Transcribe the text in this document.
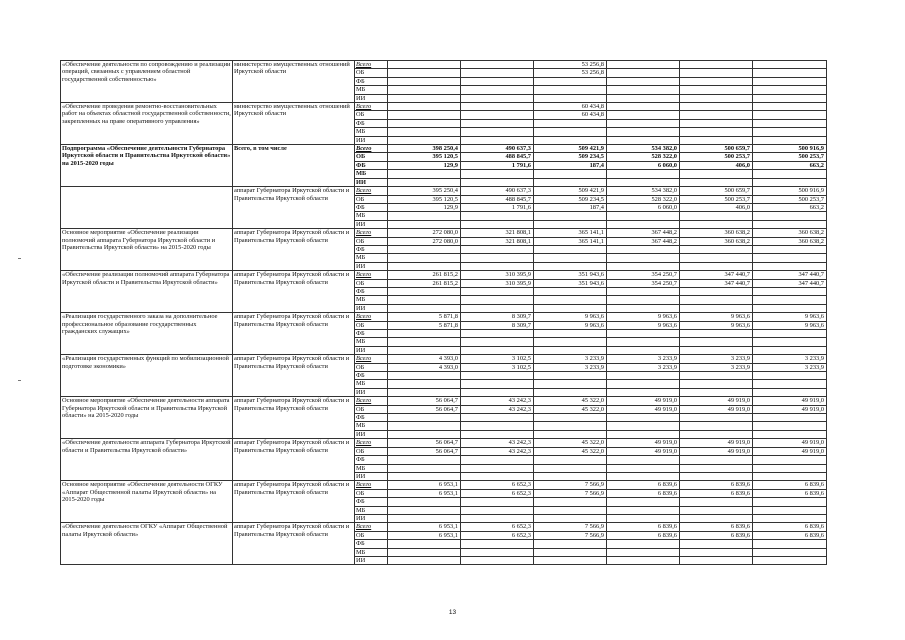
«Обеспечение деятельности по сопровождению и реализации операций, связанных с управлением областной государственной собственностью»	министерство имущественных отношений Иркутской области	Всего			53 256,8			
		ОБ			53 256,8			
		ФБ						
		МБ						
		ИИ						
«Обеспечение проведения ремонтно-восстановительных работ на объектах областной государственной собственности, закрепленных на праве оперативного управления»	министерство имущественных отношений Иркутской области	Всего			60 434,8			
		ОБ			60 434,8			
		ФБ						
		МБ						
		ИИ						
Подпрограмма «Обеспечение деятельности Губернатора Иркутской области и Правительства Иркутской области» на 2015-2020 годы	Всего, в том числе	Всего	398 250,4	490 637,3	509 421,9	534 382,0	500 659,7	500 916,9
		ОБ	395 120,5	488 845,7	509 234,5	528 322,0	500 253,7	500 253,7
		ФБ	129,9	1 791,6	187,4	6 060,0	406,0	663,2
		МБ						
		ИИ						
	аппарат Губернатора Иркутской области и Правительства Иркутской области	Всего	395 250,4	490 637,3	509 421,9	534 382,0	500 659,7	500 916,9
		ОБ	395 120,5	488 845,7	509 234,5	528 322,0	500 253,7	500 253,7
		ФБ	129,9	1 791,6	187,4	6 060,0	406,0	663,2
		МБ						
		ИИ						
Основное мероприятие «Обеспечение реализации полномочий аппарата Губернатора Иркутской области и Правительства Иркутской области» на 2015-2020 годы	аппарат Губернатора Иркутской области и Правительства Иркутской области	Всего	272 080,0	321 808,1	365 141,1	367 448,2	360 638,2	360 638,2
		ОБ	272 080,0	321 808,1	365 141,1	367 448,2	360 638,2	360 638,2
		ФБ						
		МБ						
		ИИ						
«Обеспечение реализации полномочий аппарата Губернатора Иркутской области и Правительства Иркутской области»	аппарат Губернатора Иркутской области и Правительства Иркутской области	Всего	261 815,2	310 395,9	351 943,6	354 250,7	347 440,7	347 440,7
		ОБ	261 815,2	310 395,9	351 943,6	354 250,7	347 440,7	347 440,7
		ФБ						
		МБ						
		ИИ						
«Реализация государственного заказа на дополнительное профессиональное образование государственных гражданских служащих»	аппарат Губернатора Иркутской области и Правительства Иркутской области	Всего	5 871,8	8 309,7	9 963,6	9 963,6	9 963,6	9 963,6
		ОБ	5 871,8	8 309,7	9 963,6	9 963,6	9 963,6	9 963,6
		ФБ						
		МБ						
		ИИ						
«Реализация государственных функций по мобилизационной подготовке экономики»	аппарат Губернатора Иркутской области и Правительства Иркутской области	Всего	4 393,0	3 102,5	3 233,9	3 233,9	3 233,9	3 233,9
		ОБ	4 393,0	3 102,5	3 233,9	3 233,9	3 233,9	3 233,9
		ФБ						
		МБ						
		ИИ						
Основное мероприятие «Обеспечение деятельности аппарата Губернатора Иркутской области и Правительства Иркутской области» на 2015-2020 годы	аппарат Губернатора Иркутской области и Правительства Иркутской области	Всего	56 064,7	43 242,3	45 322,0	49 919,0	49 919,0	49 919,0
		ОБ	56 064,7	43 242,3	45 322,0	49 919,0	49 919,0	49 919,0
		ФБ						
		МБ						
		ИИ						
«Обеспечение деятельности аппарата Губернатора Иркутской области и Правительства Иркутской области»	аппарат Губернатора Иркутской области и Правительства Иркутской области	Всего	56 064,7	43 242,3	45 322,0	49 919,0	49 919,0	49 919,0
		ОБ	56 064,7	43 242,3	45 322,0	49 919,0	49 919,0	49 919,0
		ФБ						
		МБ						
		ИИ						
Основное мероприятие «Обеспечение деятельности ОГКУ «Аппарат Общественной палаты Иркутской области» на 2015-2020 годы	аппарат Губернатора Иркутской области и Правительства Иркутской области	Всего	6 953,1	6 652,3	7 566,9	6 839,6	6 839,6	6 839,6
		ОБ	6 953,1	6 652,3	7 566,9	6 839,6	6 839,6	6 839,6
		ФБ						
		МБ						
		ИИ						
«Обеспечение деятельности ОГКУ «Аппарат Общественной палаты Иркутской области»	аппарат Губернатора Иркутской области и Правительства Иркутской области	Всего	6 953,1	6 652,3	7 566,9	6 839,6	6 839,6	6 839,6
		ОБ	6 953,1	6 652,3	7 566,9	6 839,6	6 839,6	6 839,6
		ФБ						
		МБ						
		ИИ						
13
